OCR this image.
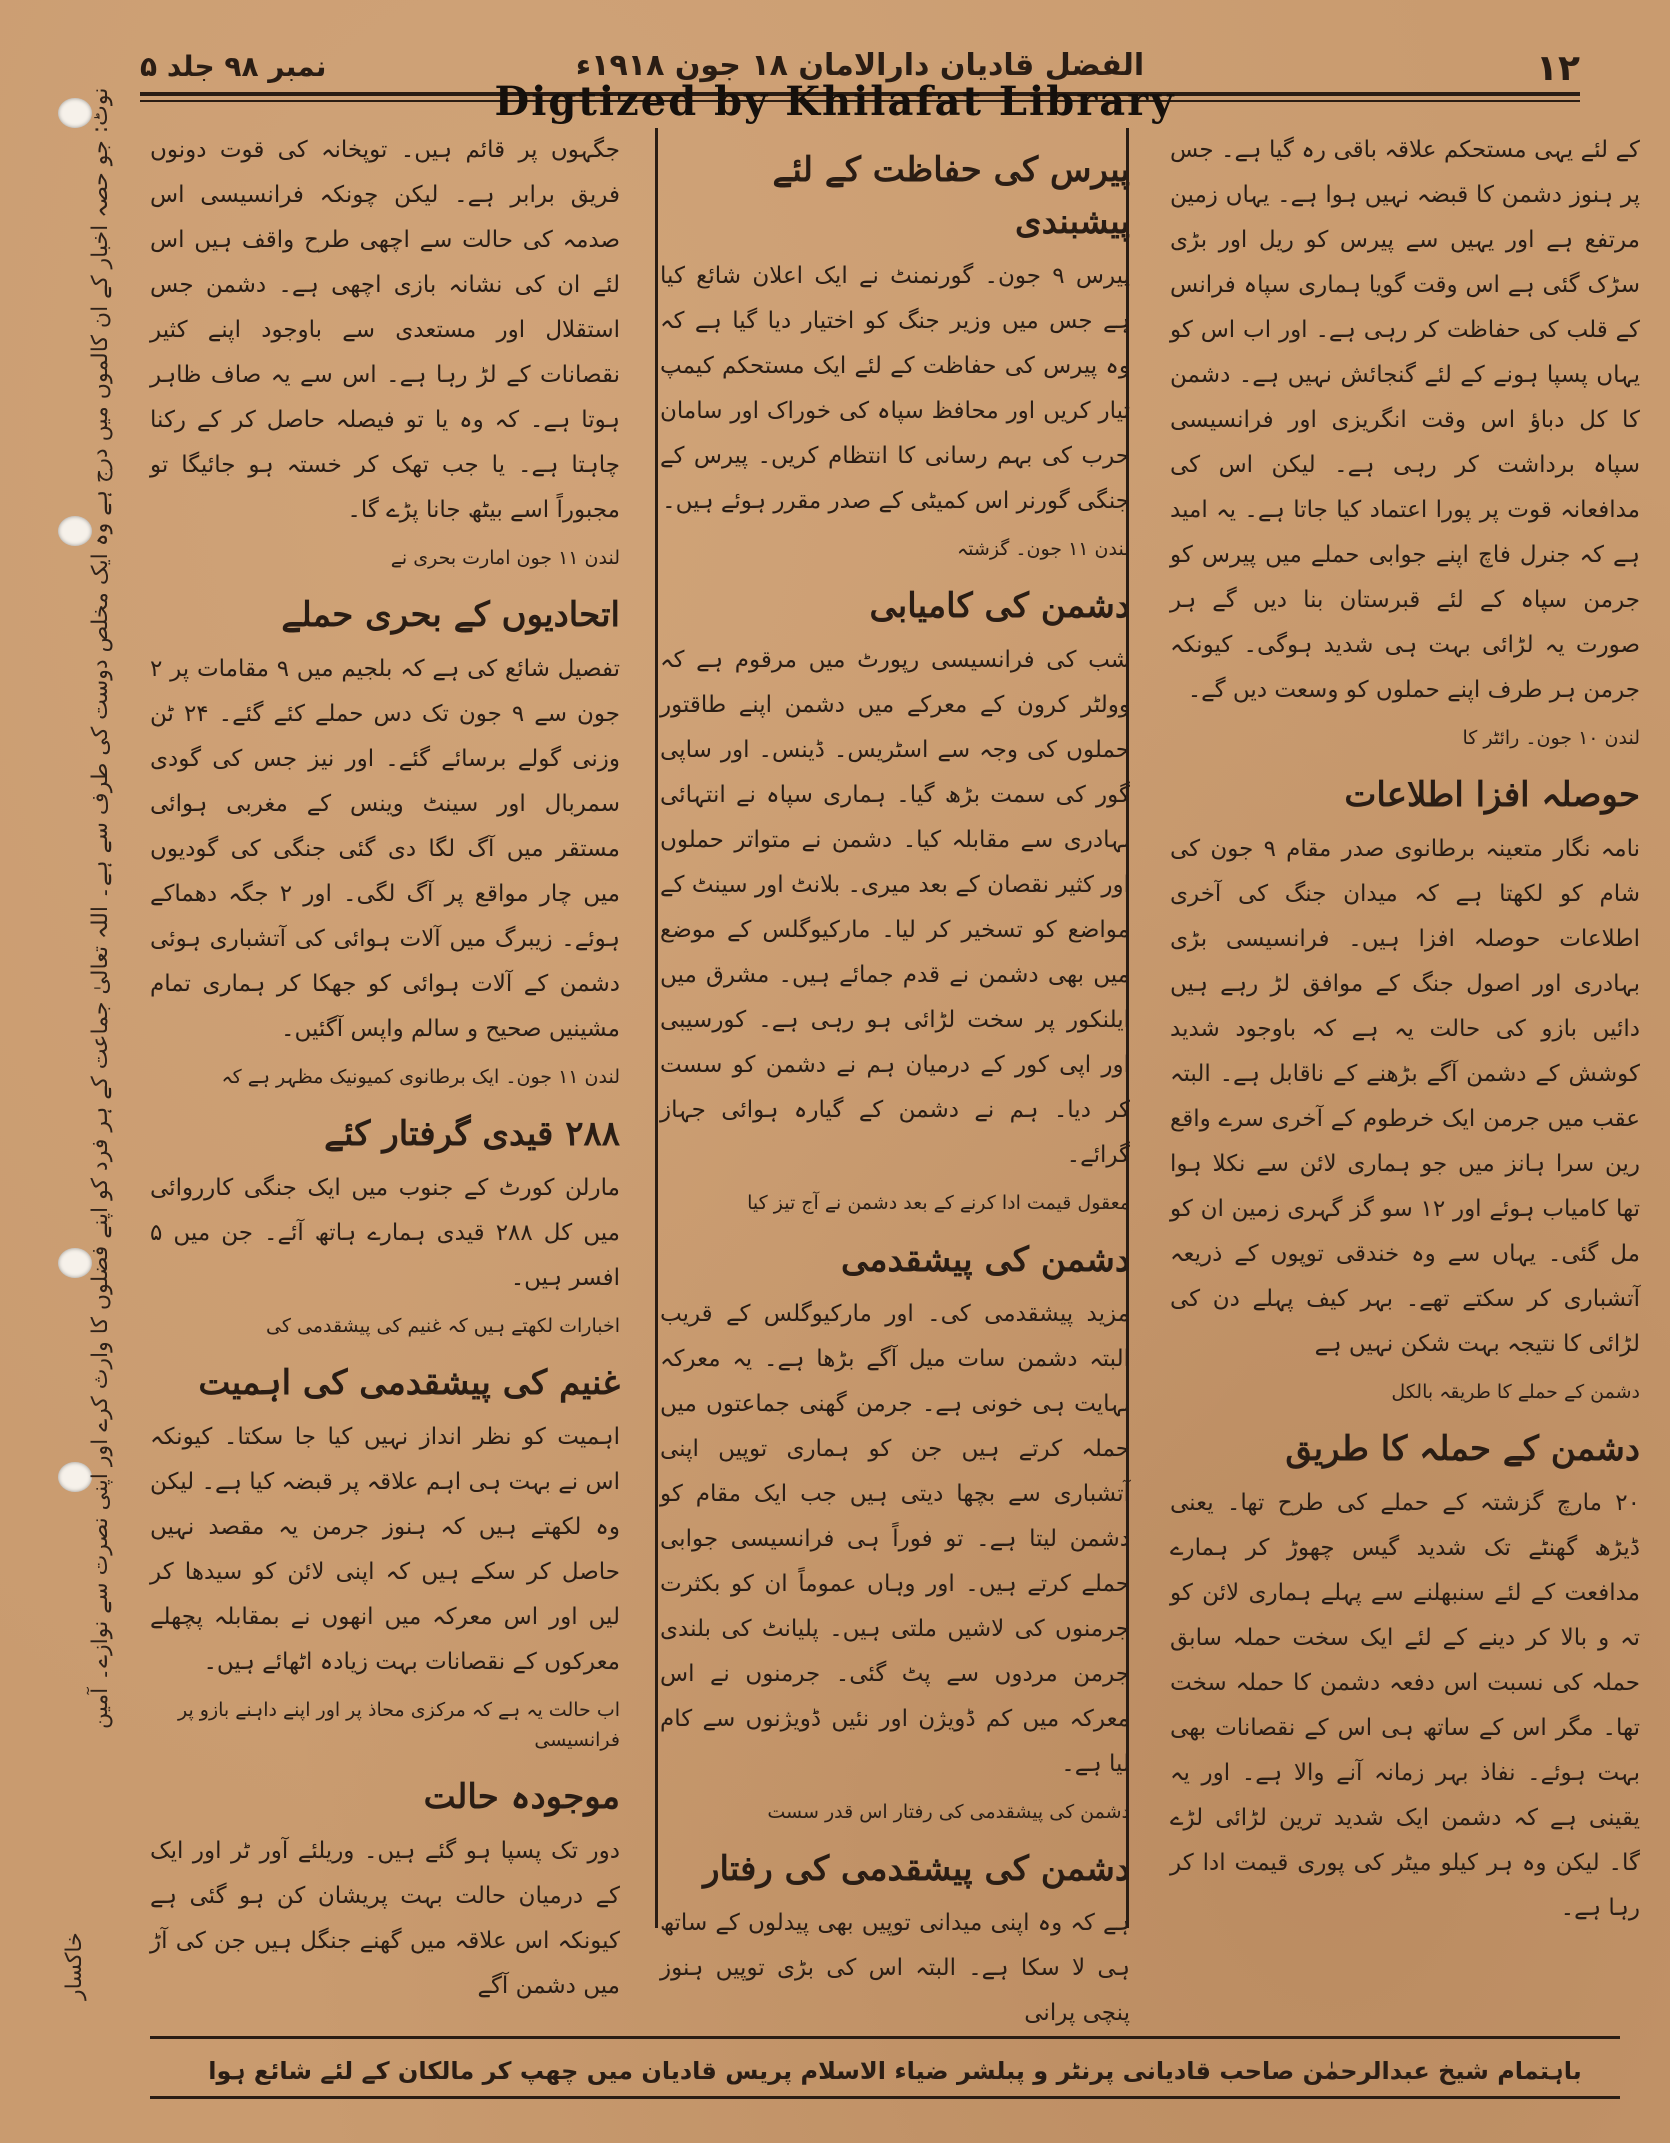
۱۲
الفضل قادیان دارالامان ۱۸ جون ۱۹۱۸ء
نمبر ۹۸ جلد ۵
Digtized by Khilafat Library
کے لئے یہی مستحکم علاقہ باقی رہ گیا ہے۔ جس پر ہنوز دشمن کا قبضہ نہیں ہوا ہے۔ یہاں زمین مرتفع ہے اور یہیں سے پیرس کو ریل اور بڑی سڑک گئی ہے اس وقت گویا ہماری سپاہ فرانس کے قلب کی حفاظت کر رہی ہے۔ اور اب اس کو یہاں پسپا ہونے کے لئے گنجائش نہیں ہے۔ دشمن کا کل دباؤ اس وقت انگریزی اور فرانسیسی سپاہ برداشت کر رہی ہے۔ لیکن اس کی مدافعانہ قوت پر پورا اعتماد کیا جاتا ہے۔ یہ امید ہے کہ جنرل فاچ اپنے جوابی حملے میں پیرس کو جرمن سپاہ کے لئے قبرستان بنا دیں گے ہر صورت یہ لڑائی بہت ہی شدید ہوگی۔ کیونکہ جرمن ہر طرف اپنے حملوں کو وسعت دیں گے۔
لندن ۱۰ جون۔ رائٹر کا
حوصلہ افزا اطلاعات
نامہ نگار متعینہ برطانوی صدر مقام ۹ جون کی شام کو لکھتا ہے کہ میدان جنگ کی آخری اطلاعات حوصلہ افزا ہیں۔ فرانسیسی بڑی بہادری اور اصول جنگ کے موافق لڑ رہے ہیں دائیں بازو کی حالت یہ ہے کہ باوجود شدید کوشش کے دشمن آگے بڑھنے کے ناقابل ہے۔ البتہ عقب میں جرمن ایک خرطوم کے آخری سرے واقع رین سرا ہانز میں جو ہماری لائن سے نکلا ہوا تھا کامیاب ہوئے اور ۱۲ سو گز گہری زمین ان کو مل گئی۔ یہاں سے وہ خندقی توپوں کے ذریعہ آتشباری کر سکتے تھے۔ بہر کیف پہلے دن کی لڑائی کا نتیجہ بہت شکن نہیں ہے
دشمن کے حملے کا طریقہ بالکل
دشمن کے حملہ کا طریق
۲۰ مارچ گزشتہ کے حملے کی طرح تھا۔ یعنی ڈیڑھ گھنٹے تک شدید گیس چھوڑ کر ہمارے مدافعت کے لئے سنبھلنے سے پہلے ہماری لائن کو تہ و بالا کر دینے کے لئے ایک سخت حملہ سابق حملہ کی نسبت اس دفعہ دشمن کا حملہ سخت تھا۔ مگر اس کے ساتھ ہی اس کے نقصانات بھی بہت ہوئے۔ نفاذ بہر زمانہ آنے والا ہے۔ اور یہ یقینی ہے کہ دشمن ایک شدید ترین لڑائی لڑے گا۔ لیکن وہ ہر کیلو میٹر کی پوری قیمت ادا کر رہا ہے۔
پیرس کی حفاظت کے لئے پیشبندی
پیرس ۹ جون۔ گورنمنٹ نے ایک اعلان شائع کیا ہے جس میں وزیر جنگ کو اختیار دیا گیا ہے کہ وہ پیرس کی حفاظت کے لئے ایک مستحکم کیمپ تیار کریں اور محافظ سپاہ کی خوراک اور سامان حرب کی بہم رسانی کا انتظام کریں۔ پیرس کے جنگی گورنر اس کمیٹی کے صدر مقرر ہوئے ہیں۔
لندن ۱۱ جون۔ گزشتہ
دشمن کی کامیابی
شب کی فرانسیسی رپورٹ میں مرقوم ہے کہ وولٹر کرون کے معرکے میں دشمن اپنے طاقتور حملوں کی وجہ سے اسٹریس۔ ڈینس۔ اور ساپی گور کی سمت بڑھ گیا۔ ہماری سپاہ نے انتہائی بہادری سے مقابلہ کیا۔ دشمن نے متواتر حملوں اور کثیر نقصان کے بعد میری۔ بلانٹ اور سینٹ کے مواضع کو تسخیر کر لیا۔ مارکیوگلس کے موضع میں بھی دشمن نے قدم جمائے ہیں۔ مشرق میں ایلنکور پر سخت لڑائی ہو رہی ہے۔ کورسیبی اور اپی کور کے درمیان ہم نے دشمن کو سست کر دیا۔ ہم نے دشمن کے گیارہ ہوائی جہاز گرائے۔
معقول قیمت ادا کرنے کے بعد دشمن نے آج تیز کیا
دشمن کی پیشقدمی
مزید پیشقدمی کی۔ اور مارکیوگلس کے قریب البتہ دشمن سات میل آگے بڑھا ہے۔ یہ معرکہ نہایت ہی خونی ہے۔ جرمن گھنی جماعتوں میں حملہ کرتے ہیں جن کو ہماری توپیں اپنی آتشباری سے بچھا دیتی ہیں جب ایک مقام کو دشمن لیتا ہے۔ تو فوراً ہی فرانسیسی جوابی حملے کرتے ہیں۔ اور وہاں عموماً ان کو بکثرت جرمنوں کی لاشیں ملتی ہیں۔ پلیانٹ کی بلندی جرمن مردوں سے پٹ گئی۔ جرمنوں نے اس معرکہ میں کم ڈویژن اور نئیں ڈویژنوں سے کام لیا ہے۔
دشمن کی پیشقدمی کی رفتار اس قدر سست
دشمن کی پیشقدمی کی رفتار
ہے کہ وہ اپنی میدانی توپیں بھی پیدلوں کے ساتھ ہی لا سکا ہے۔ البتہ اس کی بڑی توپیں ہنوز پنچی پرانی
جگہوں پر قائم ہیں۔ توپخانہ کی قوت دونوں فریق برابر ہے۔ لیکن چونکہ فرانسیسی اس صدمہ کی حالت سے اچھی طرح واقف ہیں اس لئے ان کی نشانہ بازی اچھی ہے۔ دشمن جس استقلال اور مستعدی سے باوجود اپنے کثیر نقصانات کے لڑ رہا ہے۔ اس سے یہ صاف ظاہر ہوتا ہے۔ کہ وہ یا تو فیصلہ حاصل کر کے رکنا چاہتا ہے۔ یا جب تھک کر خستہ ہو جائیگا تو مجبوراً اسے بیٹھ جانا پڑے گا۔
لندن ۱۱ جون امارت بحری نے
اتحادیوں کے بحری حملے
تفصیل شائع کی ہے کہ بلجیم میں ۹ مقامات پر ۲ جون سے ۹ جون تک دس حملے کئے گئے۔ ۲۴ ٹن وزنی گولے برسائے گئے۔ اور نیز جس کی گودی سمربال اور سینٹ وینس کے مغربی ہوائی مستقر میں آگ لگا دی گئی جنگی کی گودیوں میں چار مواقع پر آگ لگی۔ اور ۲ جگہ دھماکے ہوئے۔ زیبرگ میں آلات ہوائی کی آتشباری ہوئی دشمن کے آلات ہوائی کو جھکا کر ہماری تمام مشینیں صحیح و سالم واپس آگئیں۔
لندن ۱۱ جون۔ ایک برطانوی کمیونیک مظہر ہے کہ
۲۸۸ قیدی گرفتار کئے
مارلن کورٹ کے جنوب میں ایک جنگی کارروائی میں کل ۲۸۸ قیدی ہمارے ہاتھ آئے۔ جن میں ۵ افسر ہیں۔
اخبارات لکھتے ہیں کہ غنیم کی پیشقدمی کی
غنیم کی پیشقدمی کی اہمیت
اہمیت کو نظر انداز نہیں کیا جا سکتا۔ کیونکہ اس نے بہت ہی اہم علاقہ پر قبضہ کیا ہے۔ لیکن وہ لکھتے ہیں کہ ہنوز جرمن یہ مقصد نہیں حاصل کر سکے ہیں کہ اپنی لائن کو سیدھا کر لیں اور اس معرکہ میں انھوں نے بمقابلہ پچھلے معرکوں کے نقصانات بہت زیادہ اٹھائے ہیں۔
اب حالت یہ ہے کہ مرکزی محاذ پر اور اپنے داہنے بازو پر فرانسیسی
موجودہ حالت
دور تک پسپا ہو گئے ہیں۔ وریلئے آور ٹر اور ایک کے درمیان حالت بہت پریشان کن ہو گئی ہے کیونکہ اس علاقہ میں گھنے جنگل ہیں جن کی آڑ میں دشمن آگے
نوٹ: جو حصہ اخبار کے ان کالموں میں درج ہے وہ ایک مخلص دوست کی طرف سے ہے۔ اللہ تعالیٰ جماعت کے ہر فرد کو اپنے فضلوں کا وارث کرے اور اپنی نصرت سے نوازے۔ آمین
خاکسار
باہتمام شیخ عبدالرحمٰن صاحب قادیانی پرنٹر و پبلشر ضیاء الاسلام پریس قادیان میں چھپ کر مالکان کے لئے شائع ہوا
